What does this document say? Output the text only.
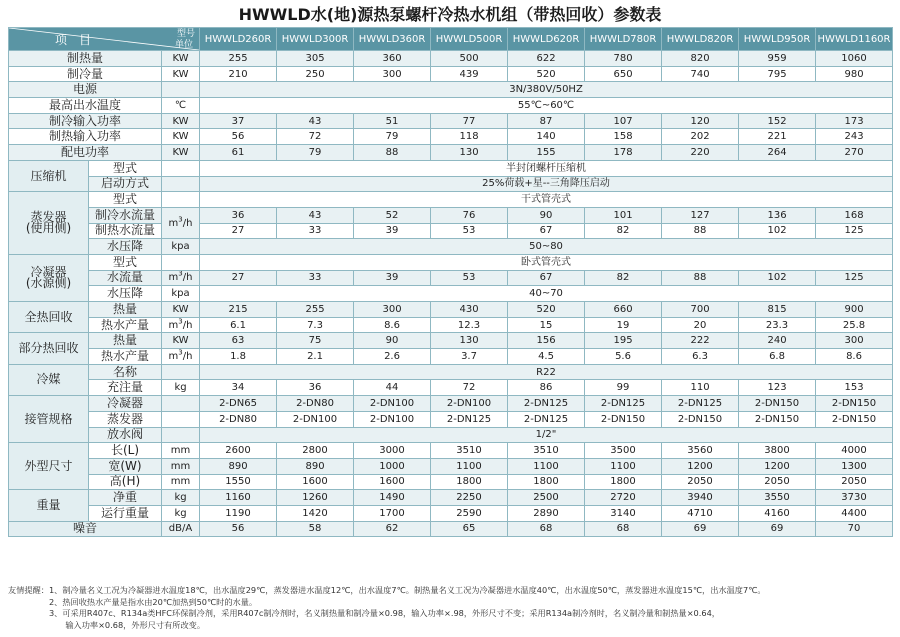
HWWLD水(地)源热泵螺杆冷热水机组（带热回收）参数表
项　目 型号
单位			HWWLD260R	HWWLD300R	HWWLD360R	HWWLD500R	HWWLD620R	HWWLD780R	HWWLD820R	HWWLD950R	HWWLD1160R
制热量		KW	255	305	360	500	622	780	820	959	1060
制冷量		KW	210	250	300	439	520	650	740	795	980
电源			3N/380V/50HZ								
最高出水温度		℃	55℃~60℃								
制冷输入功率		KW	37	43	51	77	87	107	120	152	173
制热输入功率		KW	56	72	79	118	140	158	202	221	243
配电功率		KW	61	79	88	130	155	178	220	264	270
压缩机	型式		半封闭螺杆压缩机								
	启动方式		25%荷载+星--三角降压启动								
蒸发器
(使用侧)	型式		干式管壳式								
	制冷水流量	$m^3/h$	36	43	52	76	90	101	127	136	168
	制热水流量		27	33	39	53	67	82	88	102	125
	水压降	kpa	50~80								
冷凝器
(水源侧)	型式		卧式管壳式								
	水流量	$m^3/h$	27	33	39	53	67	82	88	102	125
	水压降	kpa	40~70								
全热回收	热量	KW	215	255	300	430	520	660	700	815	900
	热水产量	$m^3/h$	6.1	7.3	8.6	12.3	15	19	20	23.3	25.8
部分热回收	热量	KW	63	75	90	130	156	195	222	240	300
	热水产量	$m^3/h$	1.8	2.1	2.6	3.7	4.5	5.6	6.3	6.8	8.6
冷媒	名称		R22								
	充注量	kg	34	36	44	72	86	99	110	123	153
接管规格	冷凝器		2-DN65	2-DN80	2-DN100	2-DN100	2-DN125	2-DN125	2-DN125	2-DN150	2-DN150
	蒸发器		2-DN80	2-DN100	2-DN100	2-DN125	2-DN125	2-DN150	2-DN150	2-DN150	2-DN150
	放水阀		1/2"								
外型尺寸	长(L)	mm	2600	2800	3000	3510	3510	3500	3560	3800	4000
	宽(W)	mm	890	890	1000	1100	1100	1100	1200	1200	1300
	高(H)	mm	1550	1600	1600	1800	1800	1800	2050	2050	2050
重量	净重	kg	1160	1260	1490	2250	2500	2720	3940	3550	3730
	运行重量	kg	1190	1420	1700	2590	2890	3140	4710	4160	4400
噪音		dB/A	56	58	62	65	68	68	69	69	70
友情提醒：1、制冷量名义工况为冷凝器进水温度18℃，出水温度29℃，蒸发器进水温度12℃，出水温度7℃。制热量名义工况为冷凝器进水温度40℃，出水温度50℃，蒸发器进水温度15℃，出水温度7℃。
　　　　　2、热回收热水产量是指水由20℃加热到50℃时的水量。
　　　　　3、可采用R407c、R134a类HFC环保制冷剂，采用R407c制冷剂时，名义制热量和制冷量×0.98，输入功率×.98，外形尺寸不变；采用R134a制冷剂时，名义制冷量和制热量×0.64，
　　　　　　　输入功率×0.68，外形尺寸有所改变。
